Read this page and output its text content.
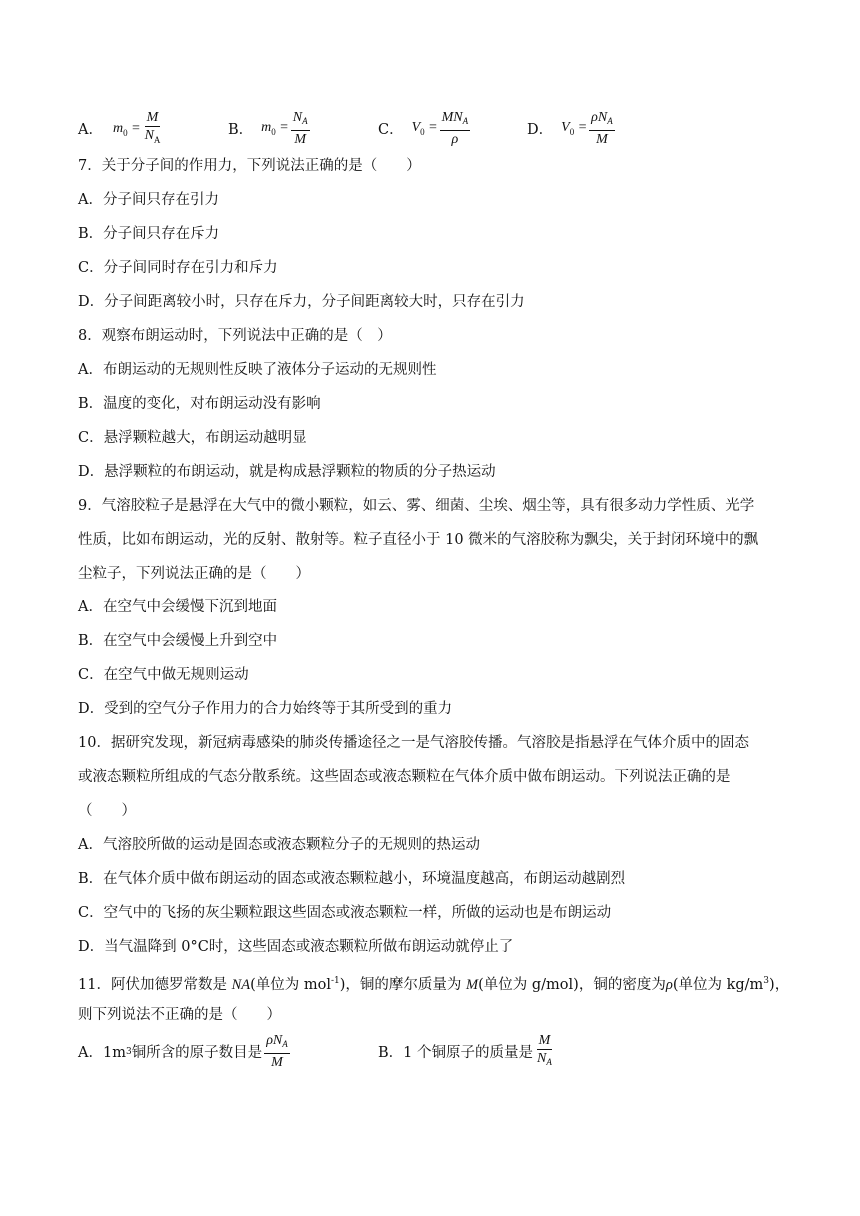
A． $m_0 = \frac{M}{N_A}$	B． $m_0 = \frac{N_A}{M}$	C． $V_0 = \frac{MN_A}{\rho}$	D． $V_0 = \frac{\rho N_A}{M}$
7．关于分子间的作用力，下列说法正确的是（　　）
A．分子间只存在引力
B．分子间只存在斥力
C．分子间同时存在引力和斥力
D．分子间距离较小时，只存在斥力，分子间距离较大时，只存在引力
8．观察布朗运动时，下列说法中正确的是（　）
A．布朗运动的无规则性反映了液体分子运动的无规则性
B．温度的变化，对布朗运动没有影响
C．悬浮颗粒越大，布朗运动越明显
D．悬浮颗粒的布朗运动，就是构成悬浮颗粒的物质的分子热运动
9．气溶胶粒子是悬浮在大气中的微小颗粒，如云、雾、细菌、尘埃、烟尘等，具有很多动力学性质、光学
性质，比如布朗运动，光的反射、散射等。粒子直径小于 10 微米的气溶胶称为飘尖，关于封闭环境中的飘
尘粒子，下列说法正确的是（　　）
A．在空气中会缓慢下沉到地面
B．在空气中会缓慢上升到空中
C．在空气中做无规则运动
D．受到的空气分子作用力的合力始终等于其所受到的重力
10．据研究发现，新冠病毒感染的肺炎传播途径之一是气溶胶传播。气溶胶是指悬浮在气体介质中的固态
或液态颗粒所组成的气态分散系统。这些固态或液态颗粒在气体介质中做布朗运动。下列说法正确的是
（　　）
A．气溶胶所做的运动是固态或液态颗粒分子的无规则的热运动
B．在气体介质中做布朗运动的固态或液态颗粒越小，环境温度越高，布朗运动越剧烈
C．空气中的飞扬的灰尘颗粒跟这些固态或液态颗粒一样，所做的运动也是布朗运动
D．当气温降到 0°C时，这些固态或液态颗粒所做布朗运动就停止了
11．阿伏加德罗常数是 NA(单位为 mol$^{-1}$)，铜的摩尔质量为 M(单位为 g/mol)，铜的密度为ρ(单位为 $kg/m^3$)，
则下列说法不正确的是（　　）
A．1m 3 铜所含的原子数目是 $\frac{\rho N_A}{M}$	B．1 个铜原子的质量是 $\frac{M}{N_A}$
